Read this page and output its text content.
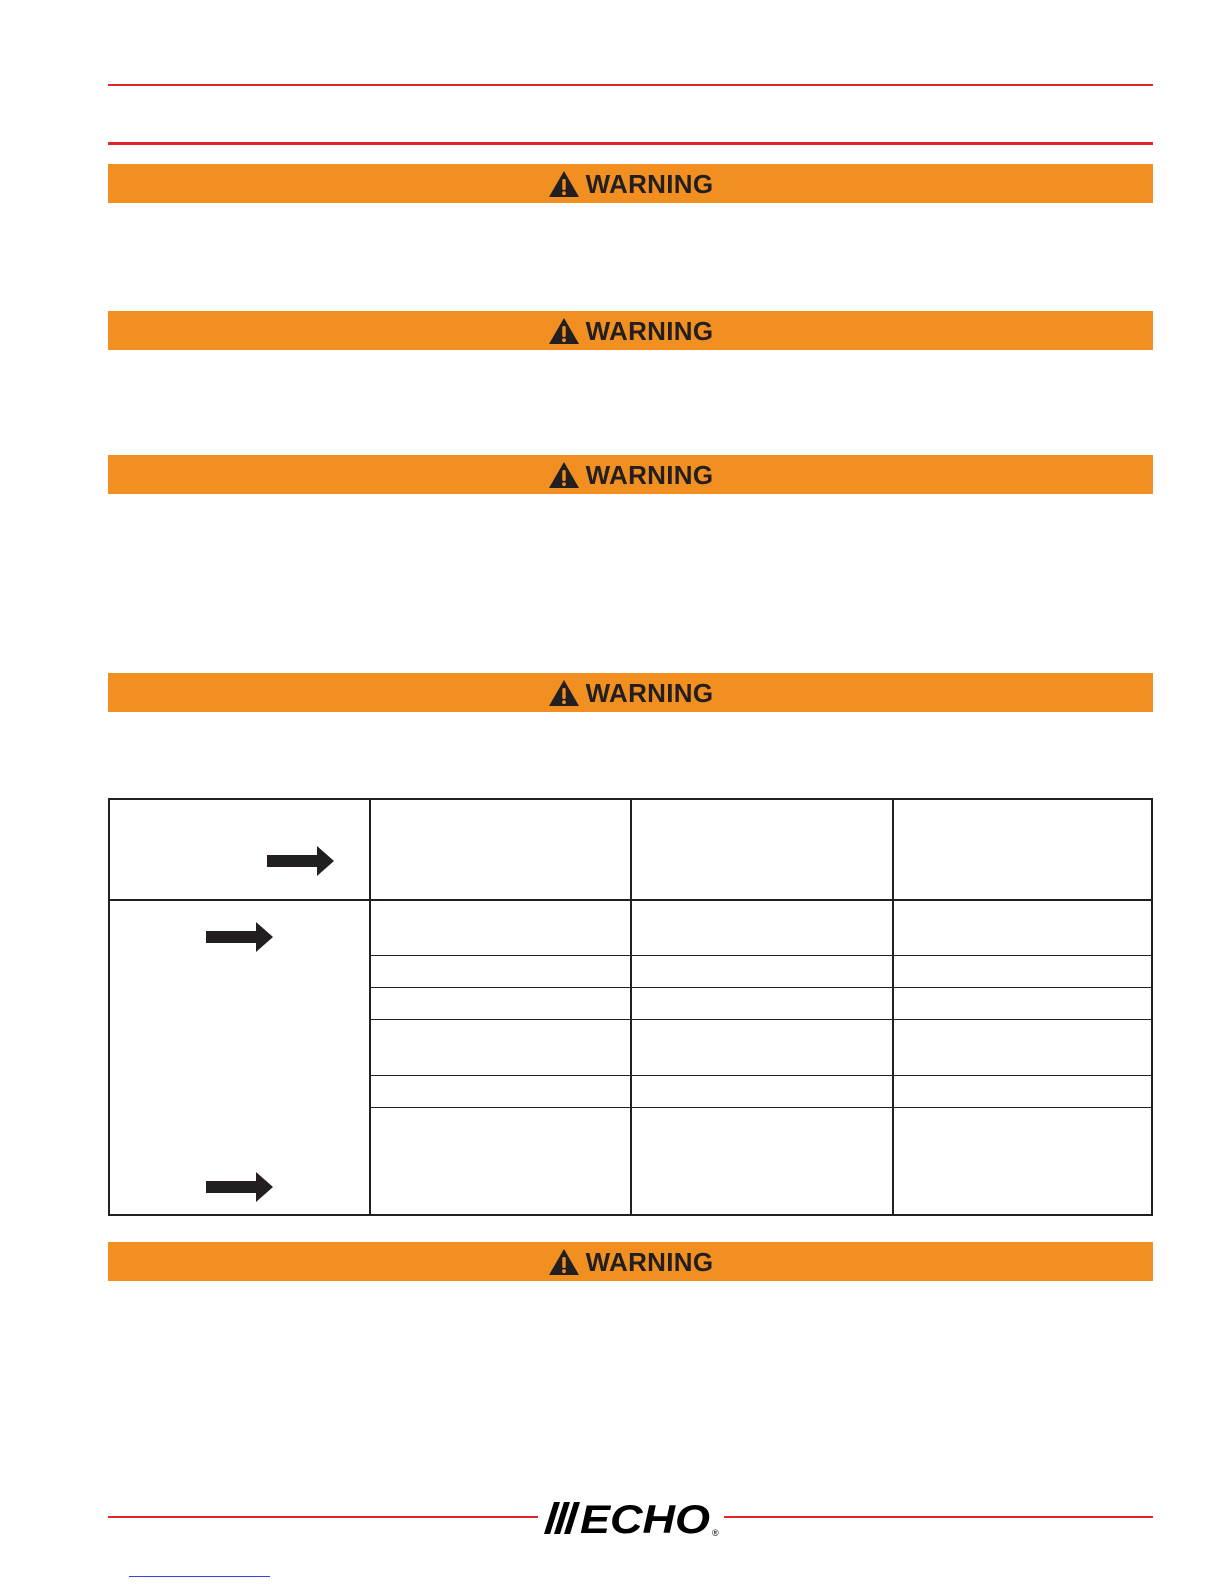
WARNING
WARNING
WARNING
WARNING
WARNING
ECHO ®
